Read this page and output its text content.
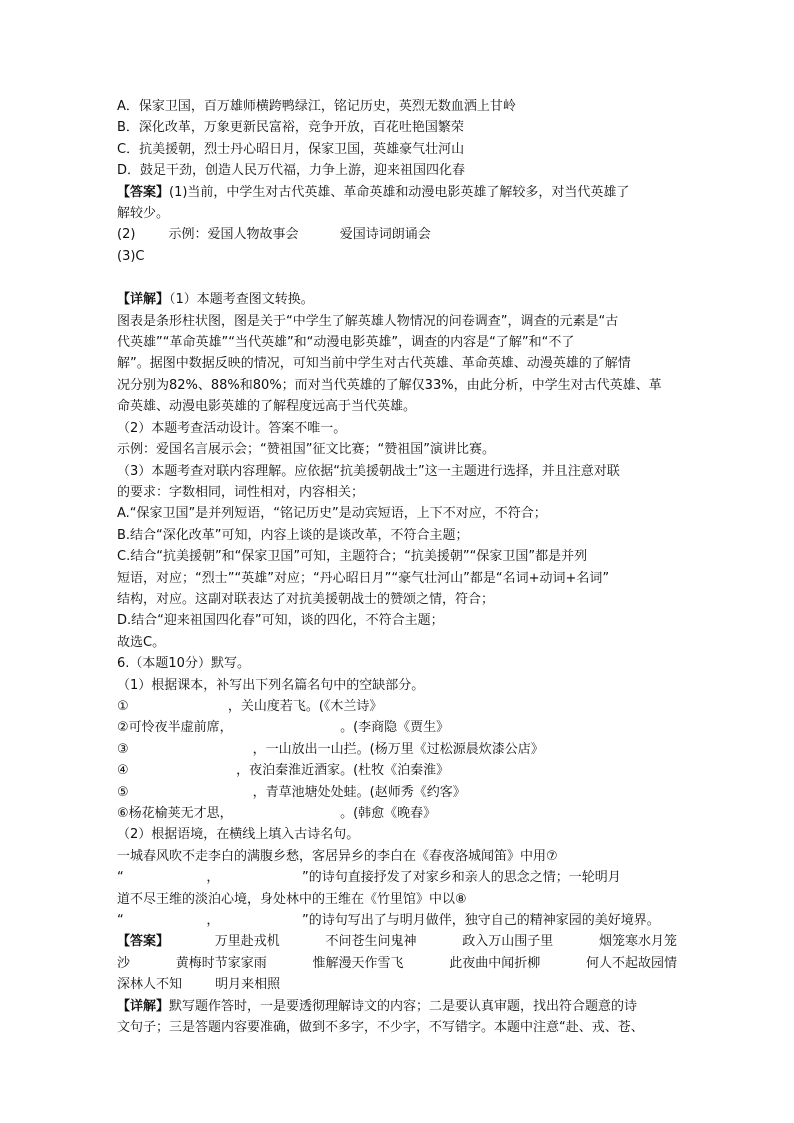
A．保家卫国，百万雄师横跨鸭绿江，铭记历史，英烈无数血洒上甘岭
B．深化改革，万象更新民富裕，竞争开放，百花吐艳国繁荣
C．抗美援朝，烈士丹心昭日月，保家卫国，英雄豪气壮河山
D．鼓足干劲，创造人民万代福，力争上游，迎来祖国四化春
【答案】(1)当前，中学生对古代英雄、革命英雄和动漫电影英雄了解较多，对当代英雄了
解较少。
(2)        示例：爱国人物故事会          爱国诗词朗诵会
(3)C
【详解】（1）本题考查图文转换。
图表是条形柱状图，图是关于“中学生了解英雄人物情况的问卷调查”，调查的元素是“古
代英雄”“革命英雄”“当代英雄”和“动漫电影英雄”，调查的内容是“了解”和“不了
解”。据图中数据反映的情况，可知当前中学生对古代英雄、革命英雄、动漫英雄的了解情
况分别为82%、88%和80%；而对当代英雄的了解仅33%，由此分析，中学生对古代英雄、革
命英雄、动漫电影英雄的了解程度远高于当代英雄。
（2）本题考查活动设计。答案不唯一。
示例：爱国名言展示会；“赞祖国”征文比赛；“赞祖国”演讲比赛。
（3）本题考查对联内容理解。应依据“抗美援朝战士”这一主题进行选择，并且注意对联
的要求：字数相同，词性相对，内容相关；
A.“保家卫国”是并列短语，“铭记历史”是动宾短语，上下不对应，不符合；
B.结合“深化改革”可知，内容上谈的是谈改革，不符合主题；
C.结合“抗美援朝”和“保家卫国”可知，主题符合；“抗美援朝”“保家卫国”都是并列
短语，对应；“烈士”“英雄”对应；“丹心昭日月”“豪气壮河山”都是“名词+动词+名词”
结构，对应。这副对联表达了对抗美援朝战士的赞颂之情，符合；
D.结合“迎来祖国四化春”可知，谈的四化，不符合主题；
故选C。
6.（本题10分）默写。
（1）根据课本，补写出下列名篇名句中的空缺部分。
①                        ，关山度若飞。(《木兰诗》
②可怜夜半虚前席，                          。(李商隐《贾生》
③                              ，一山放出一山拦。(杨万里《过松源晨炊漆公店》
④                          ，夜泊秦淮近酒家。(杜牧《泊秦淮》
⑤                              ，青草池塘处处蛙。(赵师秀《约客》
⑥杨花榆荚无才思，                          。(韩愈《晚春》
（2）根据语境，在横线上填入古诗名句。
一城春风吹不走李白的满腹乡愁，客居异乡的李白在《春夜洛城闻笛》中用⑦
“                    ，                    ”的诗句直接抒发了对家乡和亲人的思念之情；一轮明月
道不尽王维的淡泊心境，身处林中的王维在《竹里馆》中以⑧
“                    ，                    ”的诗句写出了与明月做伴，独守自己的精神家园的美好境界。
【答案】	万里赴戎机	不问苍生问鬼神	政入万山围子里	烟笼寒水月笼
沙	黄梅时节家家雨	惟解漫天作雪飞	此夜曲中闻折柳	何人不起故园情
深林人不知	明月来相照
【详解】默写题作答时，一是要透彻理解诗文的内容；二是要认真审题，找出符合题意的诗
文句子；三是答题内容要准确，做到不多字，不少字，不写错字。本题中注意“赴、戎、苍、
